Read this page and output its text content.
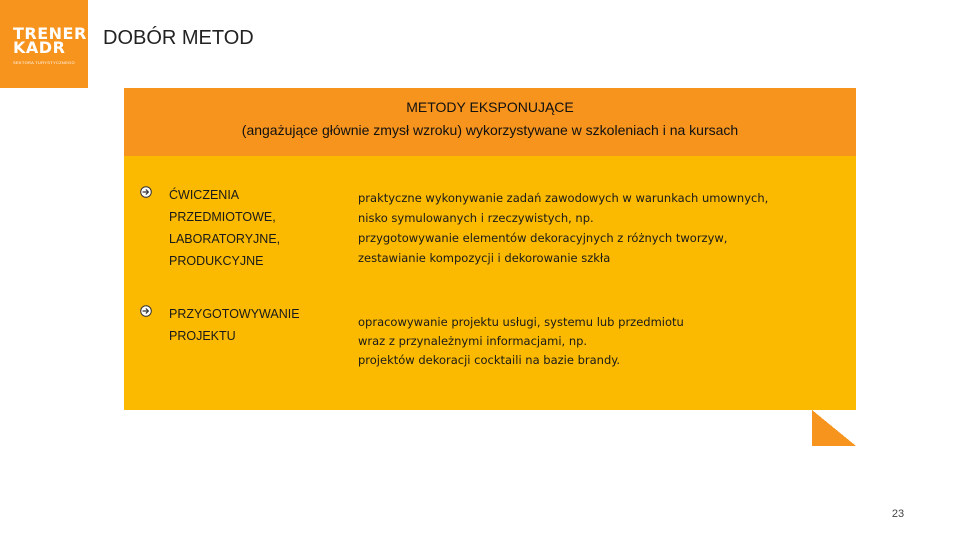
TRENER
KADR
SEKTORA TURYSTYCZNEGO
DOBÓR METOD
METODY EKSPONUJĄCE
(angażujące głównie zmysł wzroku) wykorzystywane w szkoleniach i na kursach
ĆWICZENIA
PRZEDMIOTOWE,
LABORATORYJNE,
PRODUKCYJNE
praktyczne wykonywanie zadań zawodowych w warunkach umownych,
nisko symulowanych i rzeczywistych, np.
przygotowywanie elementów dekoracyjnych z różnych tworzyw,
zestawianie kompozycji i dekorowanie szkła
PRZYGOTOWYWANIE
PROJEKTU
opracowywanie projektu usługi, systemu lub przedmiotu
wraz z przynależnymi informacjami, np.
projektów dekoracji cocktaili na bazie brandy.
23
